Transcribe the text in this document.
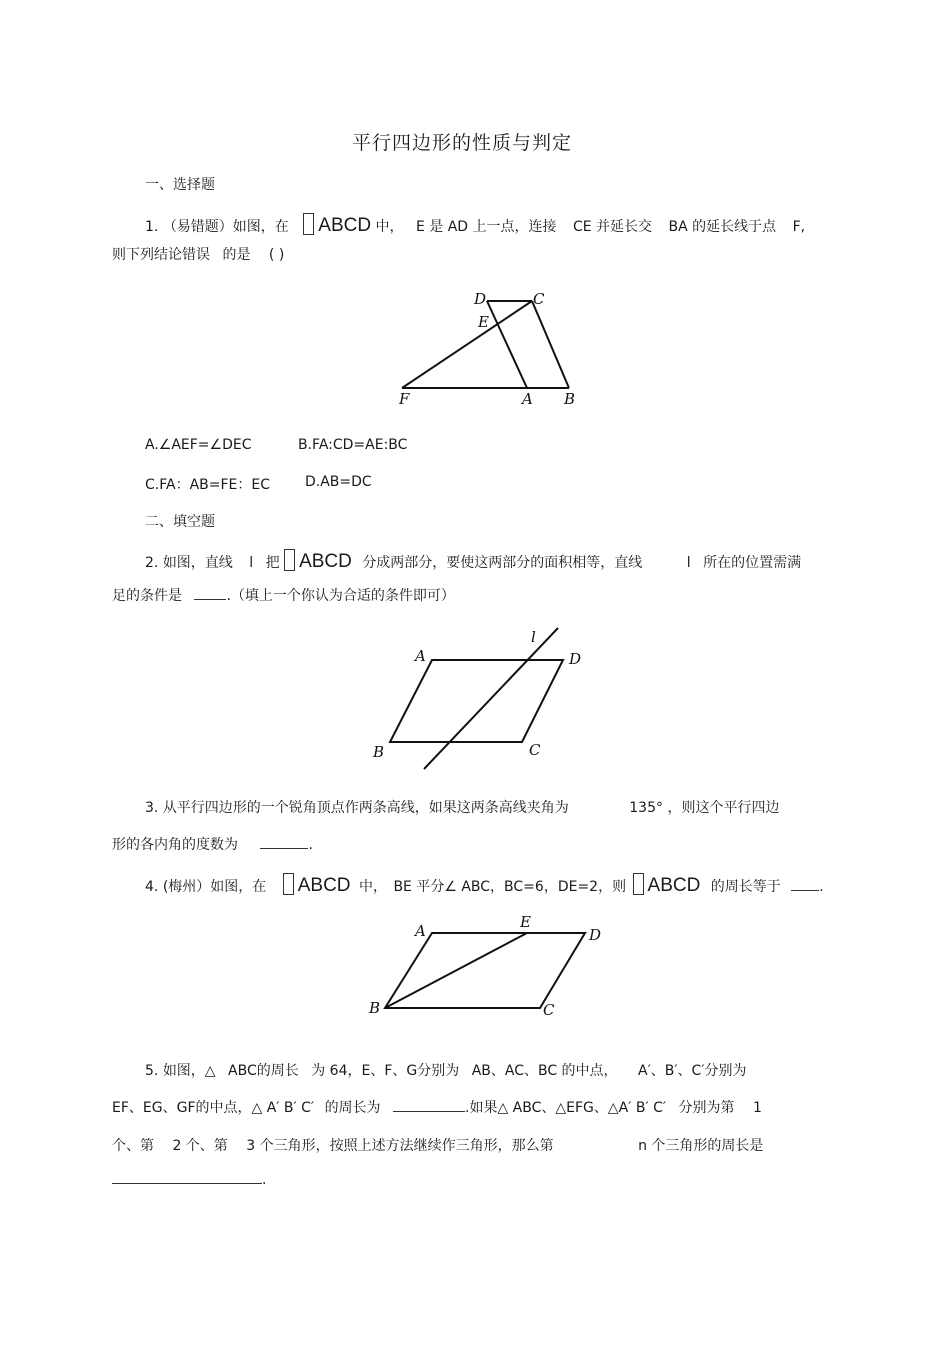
平行四边形的性质与判定
一、选择题
1. （易错题）如图，在 ABCD 中， E 是 AD 上一点，连接 CE 并延长交 BA 的延长线于点 F,
则下列结论错误 的是 ( )
D	C
E
F	A B
A.∠AEF=∠DEC	B.FA:CD=AE:BC
C.FA：AB=FE：EC D.AB=DC
二、填空题
2. 如图，直线 l 把 ABCD 分成两部分，要使这两部分的面积相等，直线	l 所在的位置需满
足的条件是	.（填上一个你认为合适的条件即可）
A
l
D
B	C
3. 从平行四边形的一个锐角顶点作两条高线，如果这两条高线夹角为	135° ，则这个平行四边
形的各内角的度数为	.
4. (梅州）如图，在 ABCD 中， BE 平分∠ ABC，BC=6，DE=2，则 ABCD 的周长等于	.
A	E
D
B	C
5. 如图，△ ABC的周长 为 64，E、F、G分别为 AB、AC、BC 的中点， A′、B′、C′分别为
EF、EG、GF的中点，△ A′ B′ C′ 的周长为	.如果△ ABC、△EFG、△A′ B′ C′ 分别为第 1
个、第 2 个、第 3 个三角形，按照上述方法继续作三角形，那么第	n 个三角形的周长是
.
